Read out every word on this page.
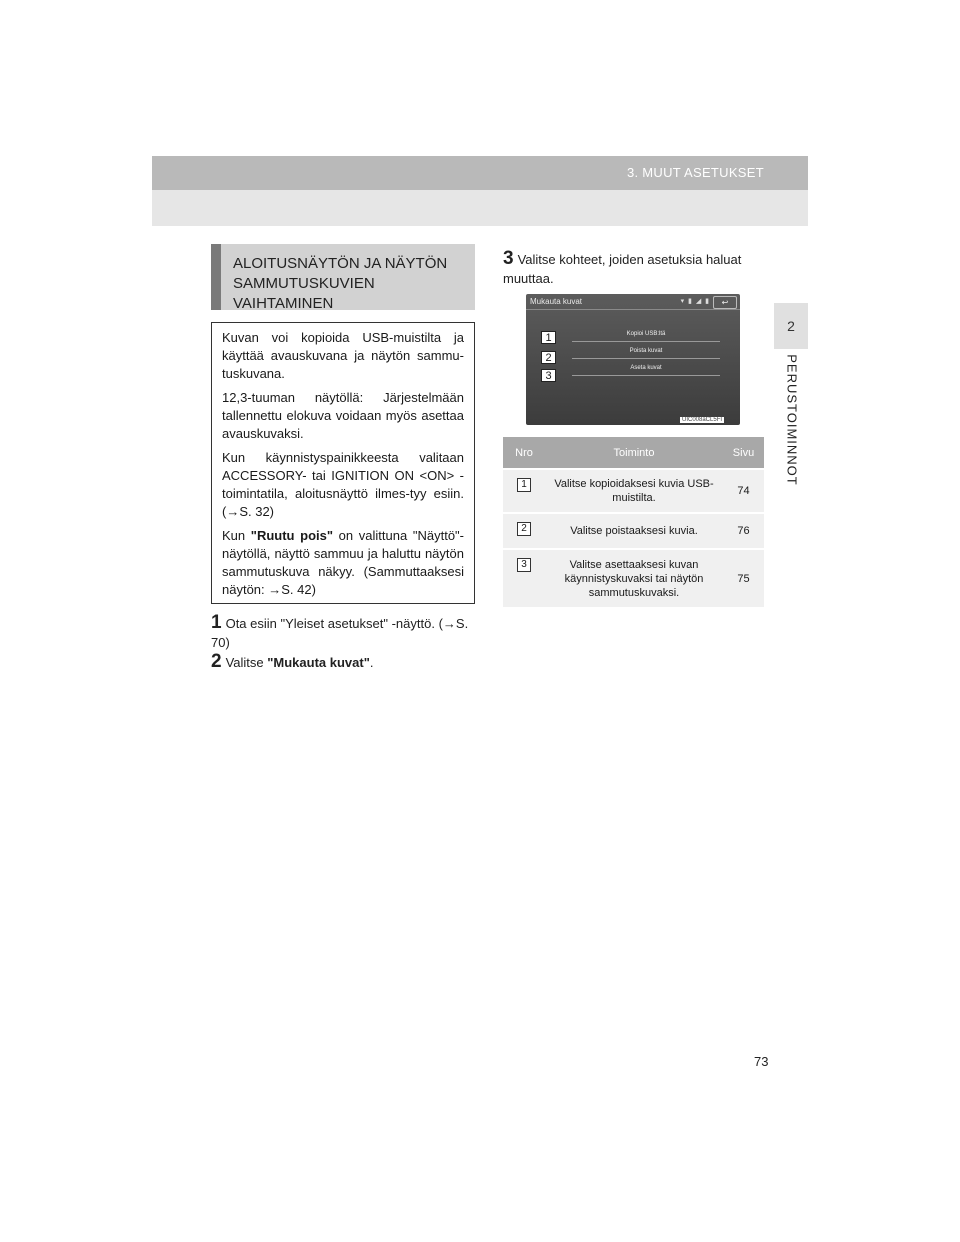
3. MUUT ASETUKSET
2
PERUSTOIMINNOT
ALOITUSNÄYTÖN JA NÄYTÖN SAMMUTUSKUVIEN VAIHTAMINEN

Kuvan voi kopioida USB-muistilta ja käyttää avauskuvana ja näytön sammu-tuskuvana.

12,3-tuuman näytöllä: Järjestelmään tallennettu elokuva voidaan myös asettaa avauskuvaksi.

Kun käynnistyspainikkeesta valitaan ACCESSORY- tai IGNITION ON <ON> -toimintatila, aloitusnäyttö ilmes-tyy esiin. (→S. 32)

Kun "Ruutu pois" on valittuna "Näyttö"-näytöllä, näyttö sammuu ja haluttu näytön sammutuskuva näkyy. (Sammuttaaksesi näytön: →S. 42)

1 Ota esiin "Yleiset asetukset" -näyttö. (→S. 70)
2 Valitse "Mukauta kuvat".
3 Valitse kohteet, joiden asetuksia haluat muuttaa.
Mukauta kuvat	▾ ▮ ◢ ▮	↩
Kopioi USB:ltä
Poista kuvat
Aseta kuvat
1
2
3
UIC008aCL5FI
Nro	Toiminto	Sivu
1	Valitse kopioidaksesi kuvia USB-muistilta.	74
2	Valitse poistaaksesi kuvia.	76
3	Valitse asettaaksesi kuvan käynnistyskuvaksi tai näytön sammutuskuvaksi.	75
73
